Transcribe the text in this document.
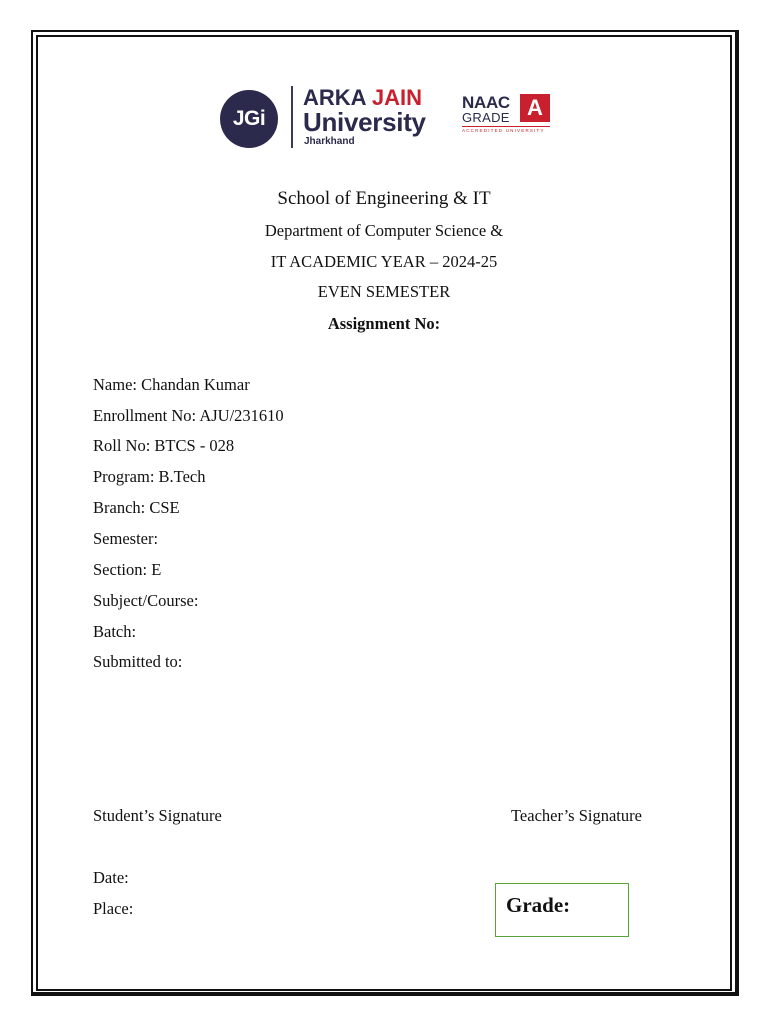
JGi
ARKA JAIN
University
Jharkhand
NAAC
GRADE A
ACCREDITED UNIVERSITY
School of Engineering & IT
Department of Computer Science &
IT ACADEMIC YEAR – 2024-25
EVEN SEMESTER
Assignment No:
Name: Chandan Kumar
Enrollment No: AJU/231610
Roll No: BTCS - 028
Program: B.Tech
Branch: CSE
Semester:
Section: E
Subject/Course:
Batch:
Submitted to:
Student’s Signature	Teacher’s Signature
Date:
Place:	Grade:
